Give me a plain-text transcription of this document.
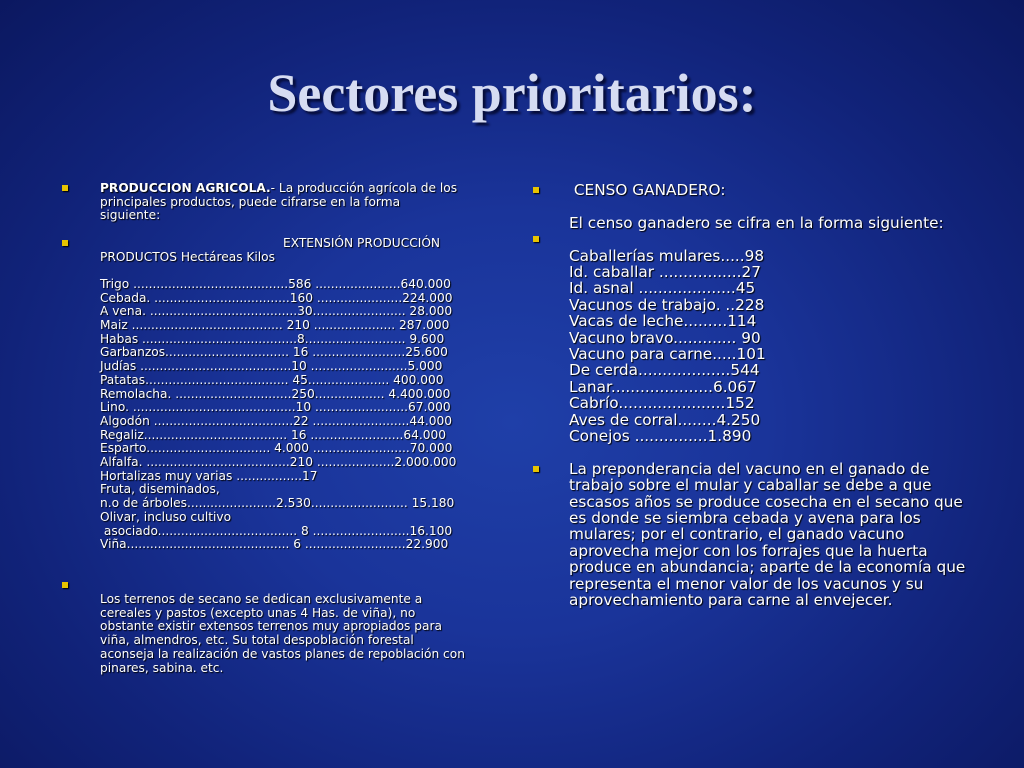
Sectores prioritarios:
PRODUCCION AGRICOLA.- La producción agrícola de los
principales productos, puede cifrarse en la forma
siguiente:
EXTENSIÓN PRODUCCIÓN
PRODUCTOS Hectáreas Kilos
Trigo ........................................586 ......................640.000
Cebada. ...................................160 ......................224.000
A vena. ......................................30........................ 28.000
Maiz ....................................... 210 ..................... 287.000
Habas ........................................8.......................... 9.600
Garbanzos................................ 16 ........................25.600
Judías .......................................10 .........................5.000
Patatas..................................... 45..................... 400.000
Remolacha. ..............................250.................. 4.400.000
Lino. ..........................................10 ........................67.000
Algodón ....................................22 .........................44.000
Regaliz..................................... 16 ........................64.000
Esparto................................ 4.000 .........................70.000
Alfalfa. .....................................210 ....................2.000.000
Hortalizas muy varias .................17
Fruta, diseminados,
n.o de árboles.......................2.530......................... 15.180
Olivar, incluso cultivo
asociado.................................... 8 .........................16.100
Viña.......................................... 6 ..........................22.900
Los terrenos de secano se dedican exclusivamente a
cereales y pastos (excepto unas 4 Has. de viña), no
obstante existir extensos terrenos muy apropiados para
viña, almendros, etc. Su total despoblación forestal
aconseja la realización de vastos planes de repoblación con
pinares, sabina. etc.
CENSO GANADERO:
El censo ganadero se cifra en la forma siguiente:
Caballerías mulares.....98
Id. caballar .................27
Id. asnal ....................45
Vacunos de trabajo. ..228
Vacas de leche.........114
Vacuno bravo............. 90
Vacuno para carne.....101
De cerda...................544
Lanar.....................6.067
Cabrío......................152
Aves de corral........4.250
Conejos ...............1.890
La preponderancia del vacuno en el ganado de
trabajo sobre el mular y caballar se debe a que
escasos años se produce cosecha en el secano que
es donde se siembra cebada y avena para los
mulares; por el contrario, el ganado vacuno
aprovecha mejor con los forrajes que la huerta
produce en abundancia; aparte de la economía que
representa el menor valor de los vacunos y su
aprovechamiento para carne al envejecer.
